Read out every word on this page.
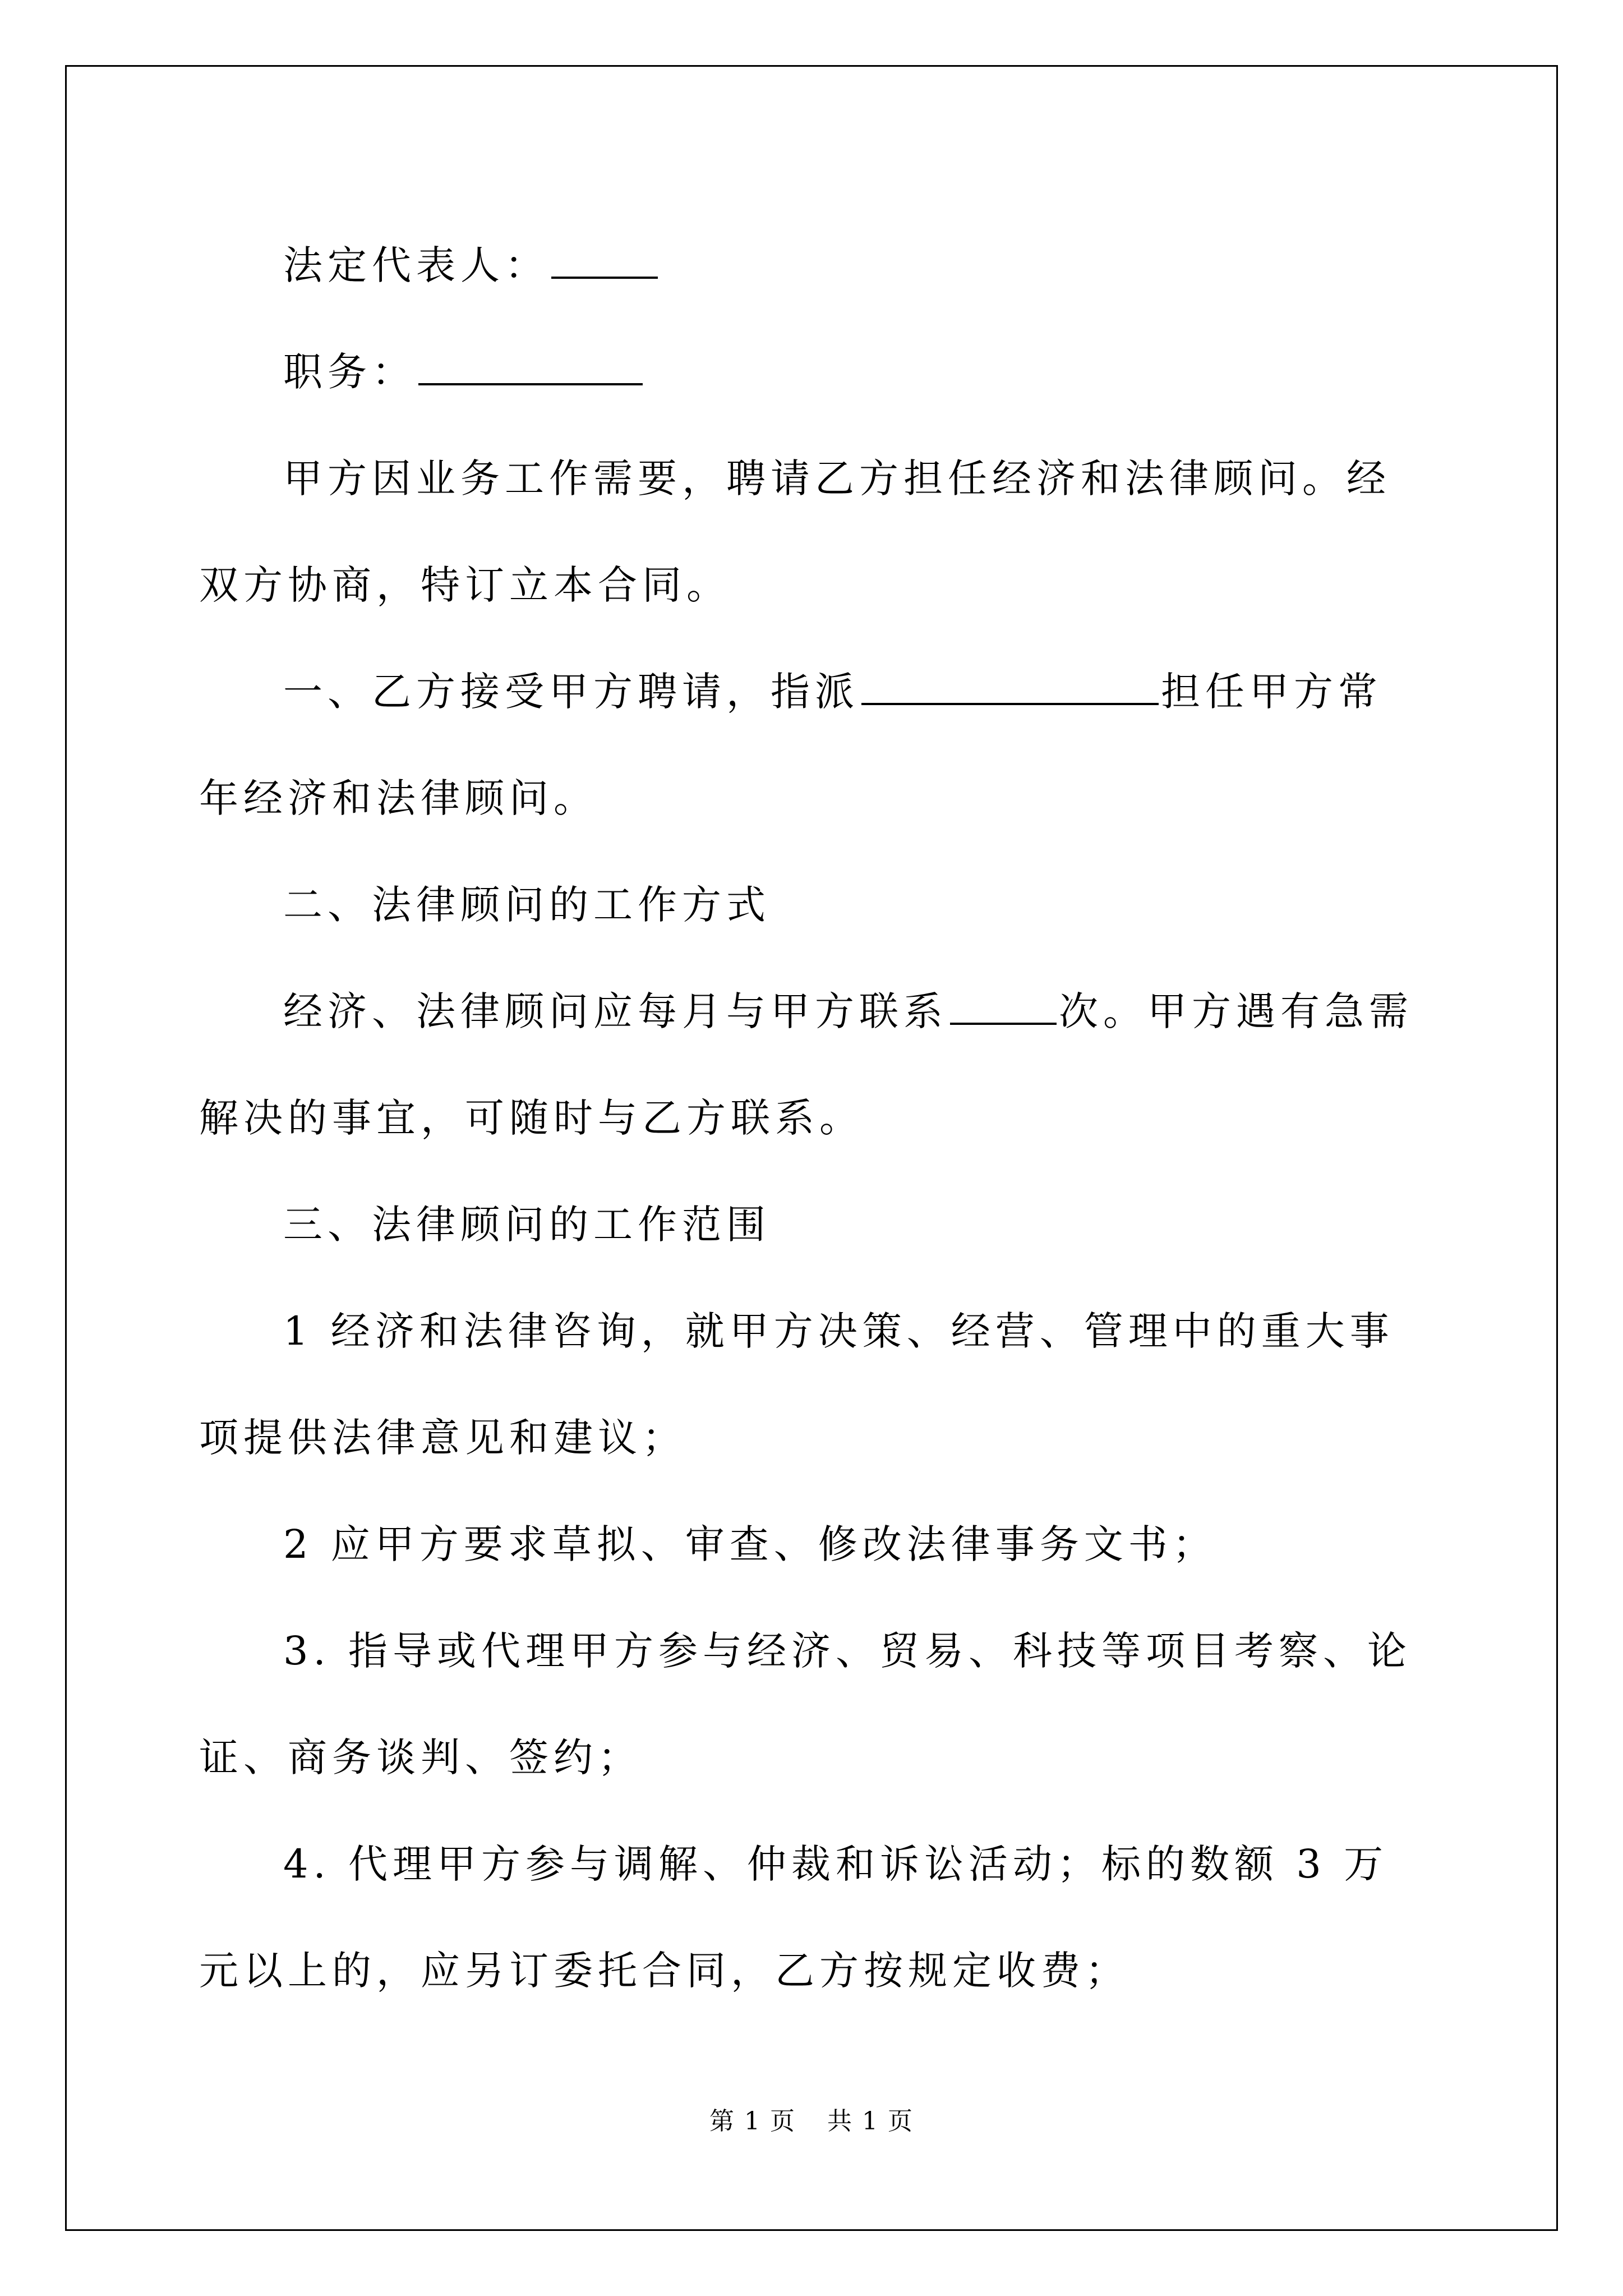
法定代表人：

职务：

甲方因业务工作需要，聘请乙方担任经济和法律顾问。经双方协商，特订立本合同。

一、乙方接受甲方聘请，指派	担任甲方常年经济和法律顾问。

二、法律顾问的工作方式

经济、法律顾问应每月与甲方联系	次。甲方遇有急需解决的事宜，可随时与乙方联系。

三、法律顾问的工作范围

1 经济和法律咨询，就甲方决策、经营、管理中的重大事项提供法律意见和建议；

2 应甲方要求草拟、审查、修改法律事务文书；

3. 指导或代理甲方参与经济、贸易、科技等项目考察、论证、商务谈判、签约；

4. 代理甲方参与调解、仲裁和诉讼活动；标的数额 3 万元以上的，应另订委托合同，乙方按规定收费；

第 1 页 共 1 页
